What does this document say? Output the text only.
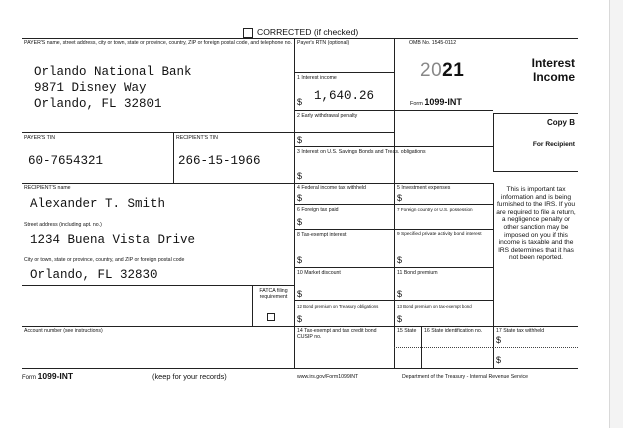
CORRECTED (if checked)
PAYER'S name, street address, city or town, state or province, country, ZIP or foreign postal code, and telephone no.
Orlando National Bank
9871 Disney Way
Orlando, FL 32801
PAYER'S TIN
60-7654321
RECIPIENT'S TIN
266-15-1966
RECIPIENT'S name
Alexander T. Smith
Street address (including apt. no.)
1234 Buena Vista Drive
City or town, state or province, country, and ZIP or foreign postal code
Orlando, FL 32830
FATCA filing requirement
Account number (see instructions)
Payer's RTN (optional)	OMB No. 1545-0112
2021
Form 1099-INT
1 Interest income
$ 1,640.26
2 Early withdrawal penalty
$
3 Interest on U.S. Savings Bonds and Treas. obligations
$
4 Federal income tax withheld
$
5 Investment expenses
$
6 Foreign tax paid
$
7 Foreign country or U.S. possession
8 Tax-exempt interest
$
9 Specified private activity bond interest
$
10 Market discount
$
11 Bond premium
$
12 Bond premium on Treasury obligations
$
13 Bond premium on tax-exempt bond
$
14 Tax-exempt and tax credit bond CUSIP no.
15 State 16 State identification no.	17 State tax withheld
$
$
Interest
Income
Copy B
For Recipient
This is important tax information and is being furnished to the IRS. If you are required to file a return, a negligence penalty or other sanction may be imposed on you if this income is taxable and the IRS determines that it has not been reported.
Form 1099-INT	(keep for your records)	www.irs.gov/Form1099INT	Department of the Treasury - Internal Revenue Service
